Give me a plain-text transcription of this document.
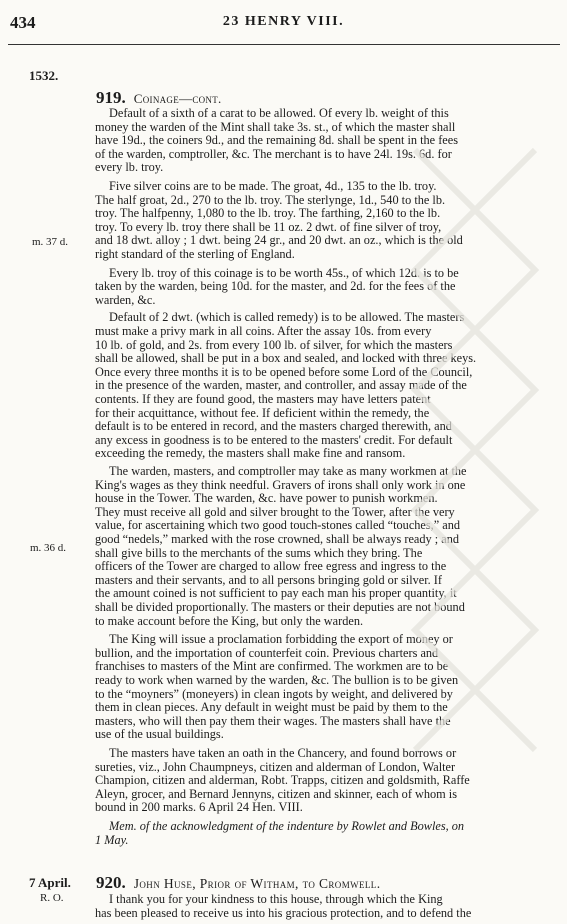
434	23 HENRY VIII.
1532.
919. Coinage—cont.
Default of a sixth of a carat to be allowed. Of every lb. weight of this
money the warden of the Mint shall take 3s. st., of which the master shall
have 19d., the coiners 9d., and the remaining 8d. shall be spent in the fees
of the warden, comptroller, &c. The merchant is to have 24l. 19s. 6d. for
every lb. troy.
Five silver coins are to be made. The groat, 4d., 135 to the lb. troy.
The half groat, 2d., 270 to the lb. troy. The sterlynge, 1d., 540 to the lb.
troy. The halfpenny, 1,080 to the lb. troy. The farthing, 2,160 to the lb.
troy. To every lb. troy there shall be 11 oz. 2 dwt. of fine silver of troy,
and 18 dwt. alloy ; 1 dwt. being 24 gr., and 20 dwt. an oz., which is the old
right standard of the sterling of England.
Every lb. troy of this coinage is to be worth 45s., of which 12d. is to be
taken by the warden, being 10d. for the master, and 2d. for the fees of the
warden, &c.
Default of 2 dwt. (which is called remedy) is to be allowed. The masters
must make a privy mark in all coins. After the assay 10s. from every
10 lb. of gold, and 2s. from every 100 lb. of silver, for which the masters
shall be allowed, shall be put in a box and sealed, and locked with three keys.
Once every three months it is to be opened before some Lord of the Council,
in the presence of the warden, master, and controller, and assay made of the
contents. If they are found good, the masters may have letters patent
for their acquittance, without fee. If deficient within the remedy, the
default is to be entered in record, and the masters charged therewith, and
any excess in goodness is to be entered to the masters' credit. For default
exceeding the remedy, the masters shall make fine and ransom.
The warden, masters, and comptroller may take as many workmen at the
King's wages as they think needful. Gravers of irons shall only work in one
house in the Tower. The warden, &c. have power to punish workmen.
They must receive all gold and silver brought to the Tower, after the very
value, for ascertaining which two good touch-stones called “touches,” and
good “nedels,” marked with the rose crowned, shall be always ready ; and
shall give bills to the merchants of the sums which they bring. The
officers of the Tower are charged to allow free egress and ingress to the
masters and their servants, and to all persons bringing gold or silver. If
the amount coined is not sufficient to pay each man his proper quantity, it
shall be divided proportionally. The masters or their deputies are not bound
to make account before the King, but only the warden.
The King will issue a proclamation forbidding the export of money or
bullion, and the importation of counterfeit coin. Previous charters and
franchises to masters of the Mint are confirmed. The workmen are to be
ready to work when warned by the warden, &c. The bullion is to be given
to the “moyners” (moneyers) in clean ingots by weight, and delivered by
them in clean pieces. Any default in weight must be paid by them to the
masters, who will then pay them their wages. The masters shall have the
use of the usual buildings.
The masters have taken an oath in the Chancery, and found borrows or
sureties, viz., John Chaumpneys, citizen and alderman of London, Walter
Champion, citizen and alderman, Robt. Trapps, citizen and goldsmith, Raffe
Aleyn, grocer, and Bernard Jennyns, citizen and skinner, each of whom is
bound in 200 marks. 6 April 24 Hen. VIII.
Mem. of the acknowledgment of the indenture by Rowlet and Bowles, on
1 May.
m. 37 d.
m. 36 d.
7 April.
R. O.
920. John Huse, Prior of Witham, to Cromwell.
I thank you for your kindness to this house, through which the King
has been pleased to receive us into his gracious protection, and to defend the
